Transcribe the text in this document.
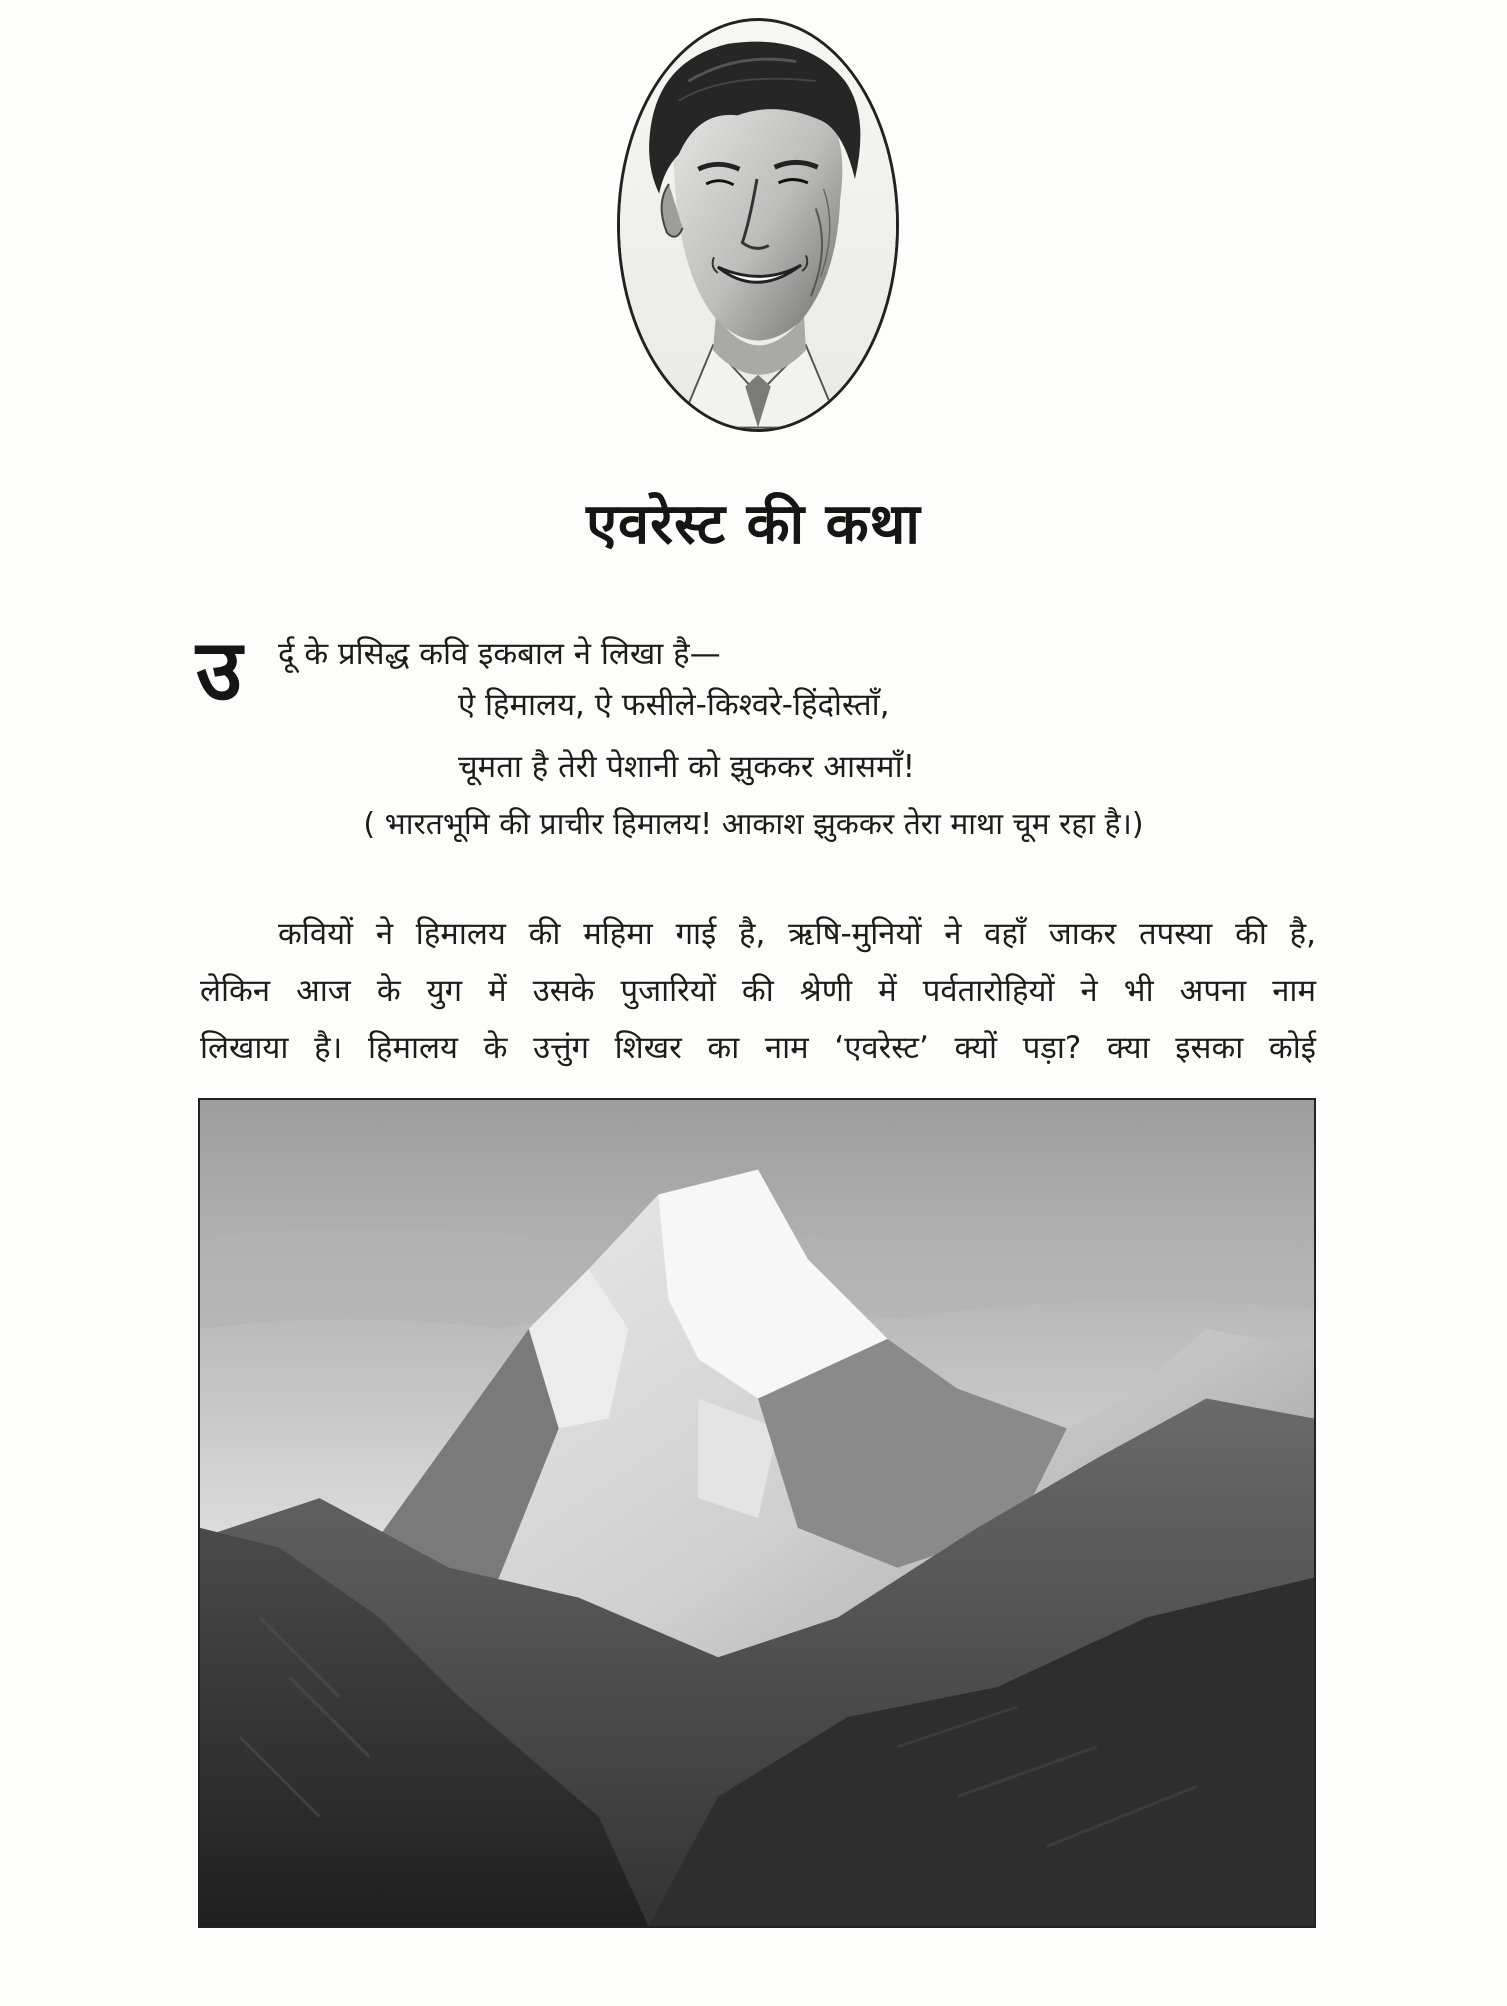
एवरेस्ट की कथा
उ र्दू के प्रसिद्ध कवि इकबाल ने लिखा है—
ऐ हिमालय, ऐ फसीले-किश्वरे-हिंदोस्ताँ,
चूमता है तेरी पेशानी को झुककर आसमाँ!
( भारतभूमि की प्राचीर हिमालय! आकाश झुककर तेरा माथा चूम रहा है।)
कवियों ने हिमालय की महिमा गाई है, ऋषि-मुनियों ने वहाँ जाकर तपस्या की है,
लेकिन आज के युग में उसके पुजारियों की श्रेणी में पर्वतारोहियों ने भी अपना नाम
लिखाया है। हिमालय के उत्तुंग शिखर का नाम ‘एवरेस्ट’ क्यों पड़ा? क्या इसका कोई
